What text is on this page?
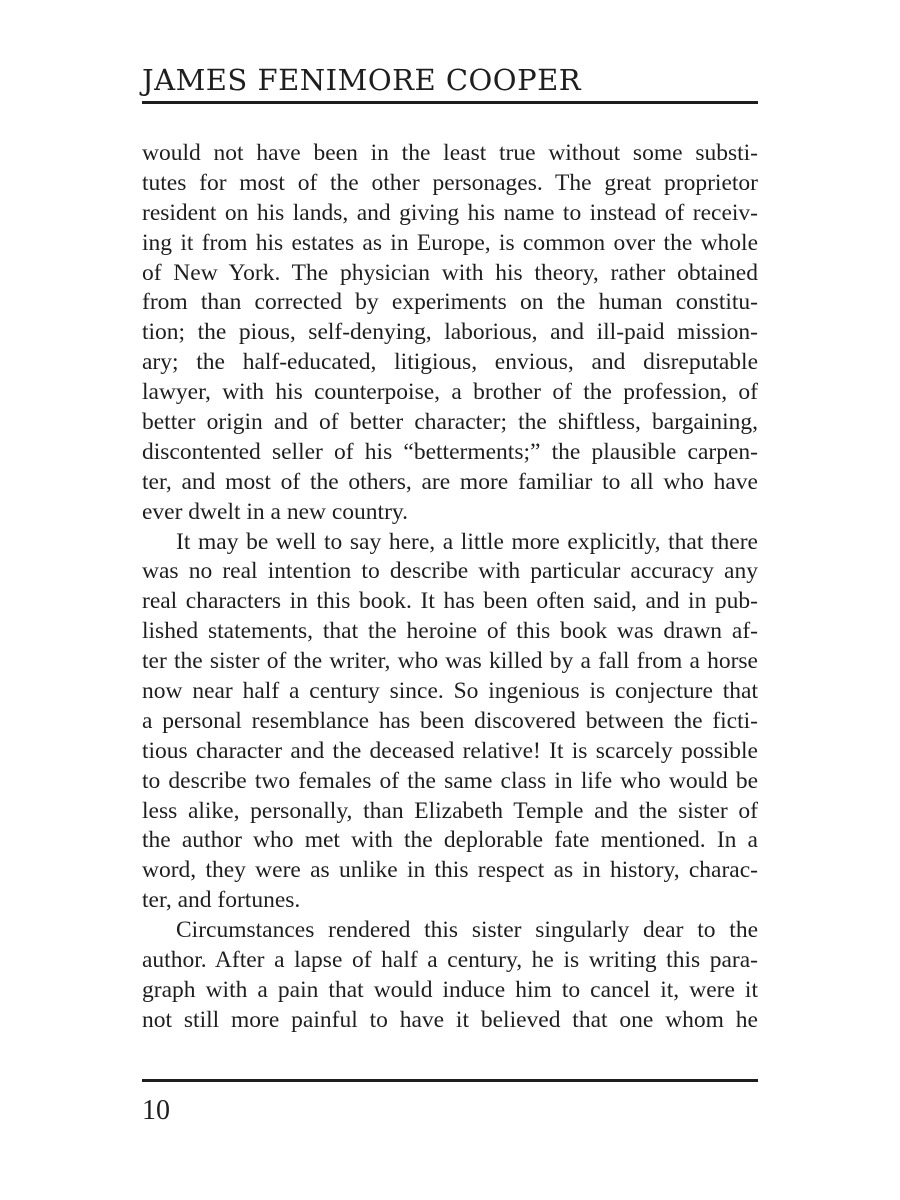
JAMES FENIMORE COOPER
would not have been in the least true without some substi-
tutes for most of the other personages. The great proprietor
resident on his lands, and giving his name to instead of receiv-
ing it from his estates as in Europe, is common over the whole
of New York. The physician with his theory, rather obtained
from than corrected by experiments on the human constitu-
tion; the pious, self-denying, laborious, and ill-paid mission-
ary; the half-educated, litigious, envious, and disreputable
lawyer, with his counterpoise, a brother of the profession, of
better origin and of better character; the shiftless, bargaining,
discontented seller of his “betterments;” the plausible carpen-
ter, and most of the others, are more familiar to all who have
ever dwelt in a new country.
It may be well to say here, a little more explicitly, that there
was no real intention to describe with particular accuracy any
real characters in this book. It has been often said, and in pub-
lished statements, that the heroine of this book was drawn af-
ter the sister of the writer, who was killed by a fall from a horse
now near half a century since. So ingenious is conjecture that
a personal resemblance has been discovered between the ficti-
tious character and the deceased relative! It is scarcely possible
to describe two females of the same class in life who would be
less alike, personally, than Elizabeth Temple and the sister of
the author who met with the deplorable fate mentioned. In a
word, they were as unlike in this respect as in history, charac-
ter, and fortunes.
Circumstances rendered this sister singularly dear to the
author. After a lapse of half a century, he is writing this para-
graph with a pain that would induce him to cancel it, were it
not still more painful to have it believed that one whom he
10
